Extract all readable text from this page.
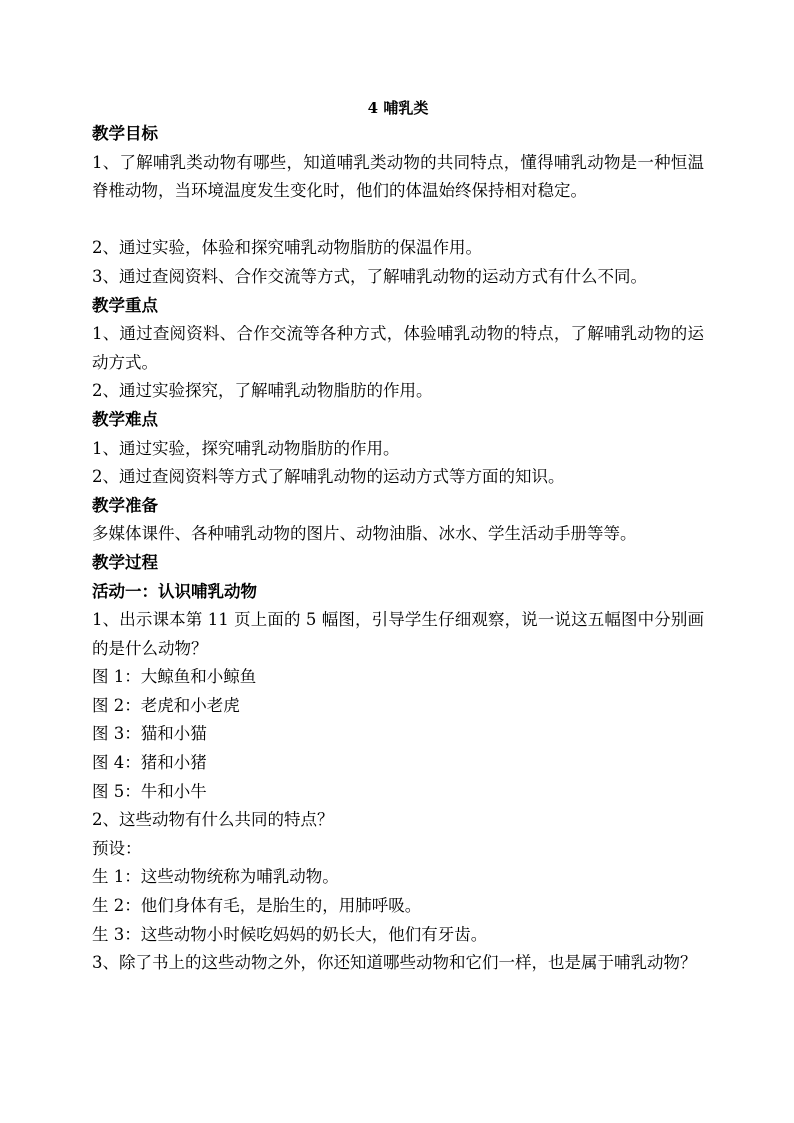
4 哺乳类

教学目标

1、了解哺乳类动物有哪些，知道哺乳类动物的共同特点，懂得哺乳动物是一种恒温脊椎动物，当环境温度发生变化时，他们的体温始终保持相对稳定。

2、通过实验，体验和探究哺乳动物脂肪的保温作用。

3、通过查阅资料、合作交流等方式，了解哺乳动物的运动方式有什么不同。

教学重点

1、通过查阅资料、合作交流等各种方式，体验哺乳动物的特点，了解哺乳动物的运动方式。

2、通过实验探究，了解哺乳动物脂肪的作用。

教学难点

1、通过实验，探究哺乳动物脂肪的作用。

2、通过查阅资料等方式了解哺乳动物的运动方式等方面的知识。

教学准备

多媒体课件、各种哺乳动物的图片、动物油脂、冰水、学生活动手册等等。

教学过程

活动一：认识哺乳动物

1、出示课本第 11 页上面的 5 幅图，引导学生仔细观察，说一说这五幅图中分别画的是什么动物？

图 1：大鲸鱼和小鲸鱼

图 2：老虎和小老虎

图 3：猫和小猫

图 4：猪和小猪

图 5：牛和小牛

2、这些动物有什么共同的特点？

预设：

生 1：这些动物统称为哺乳动物。

生 2：他们身体有毛，是胎生的，用肺呼吸。

生 3：这些动物小时候吃妈妈的奶长大，他们有牙齿。

3、除了书上的这些动物之外，你还知道哪些动物和它们一样，也是属于哺乳动物？
